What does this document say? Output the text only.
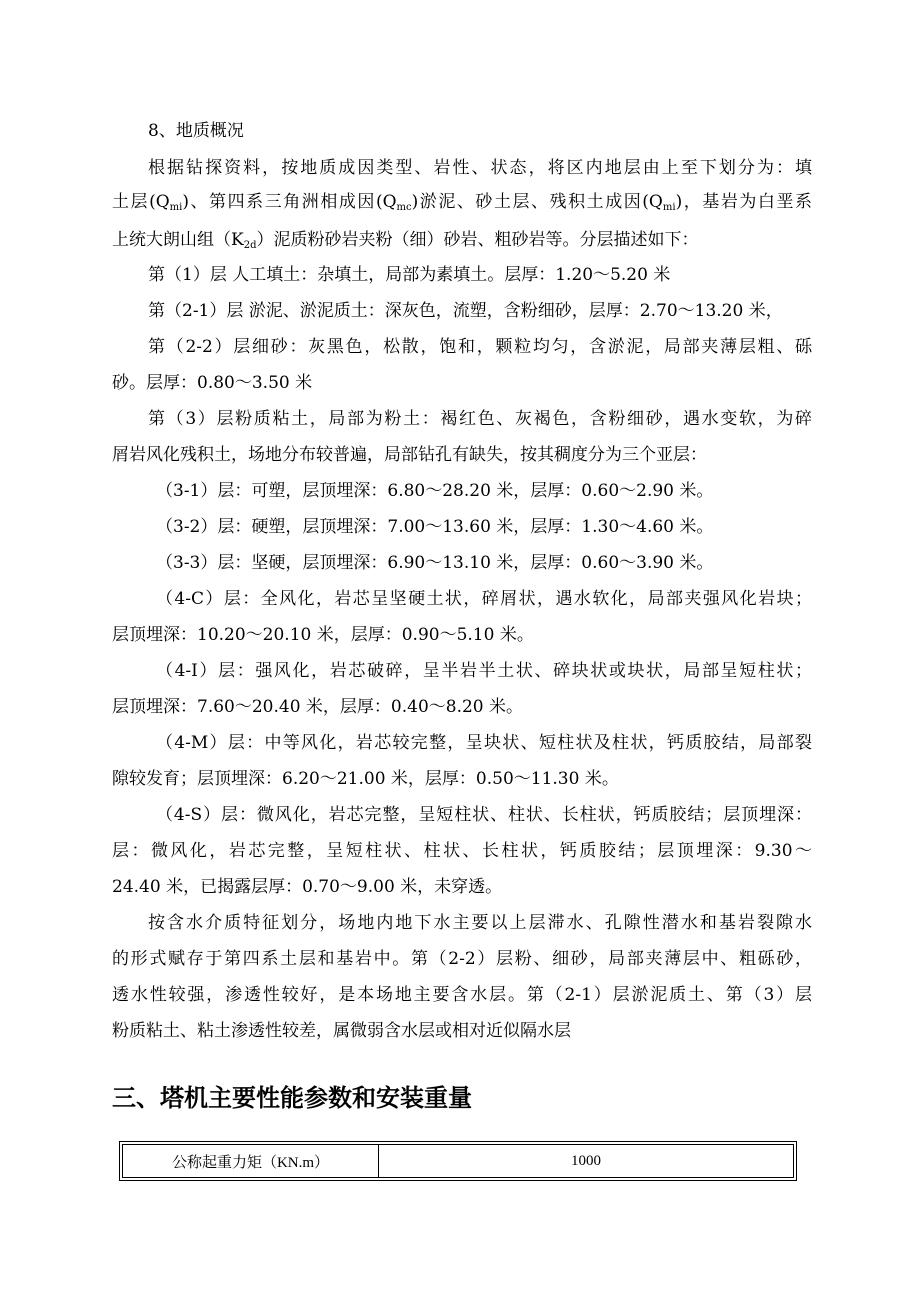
8、地质概况
根据钻探资料，按地质成因类型、岩性、状态，将区内地层由上至下划分为：填
土层$(Q_{mi})$、第四系三角洲相成因$(Q_{mc})$淤泥、砂土层、残积土成因$(Q_{mi})$，基岩为白垩系
上统大朗山组$(K_{2d})$泥质粉砂岩夹粉（细）砂岩、粗砂岩等。分层描述如下：
第（1）层 人工填土：杂填土，局部为素填土。层厚：1.20～5.20 米
第（2-1）层 淤泥、淤泥质土：深灰色，流塑，含粉细砂，层厚：2.70～13.20 米，
第（2-2）层细砂：灰黑色，松散，饱和，颗粒均匀，含淤泥，局部夹薄层粗、砾
砂。层厚：0.80～3.50 米
第（3）层粉质粘土，局部为粉土：褐红色、灰褐色，含粉细砂，遇水变软，为碎
屑岩风化残积土，场地分布较普遍，局部钻孔有缺失，按其稠度分为三个亚层：
（3-1）层：可塑，层顶埋深：6.80～28.20 米，层厚：0.60～2.90 米。
（3-2）层：硬塑，层顶埋深：7.00～13.60 米，层厚：1.30～4.60 米。
（3-3）层：坚硬，层顶埋深：6.90～13.10 米，层厚：0.60～3.90 米。
（4-C）层：全风化，岩芯呈坚硬土状，碎屑状，遇水软化，局部夹强风化岩块；
层顶埋深：10.20～20.10 米，层厚：0.90～5.10 米。
（4-I）层：强风化，岩芯破碎，呈半岩半土状、碎块状或块状，局部呈短柱状；
层顶埋深：7.60～20.40 米，层厚：0.40～8.20 米。
（4-M）层：中等风化，岩芯较完整，呈块状、短柱状及柱状，钙质胶结，局部裂
隙较发育；层顶埋深：6.20～21.00 米，层厚：0.50～11.30 米。
（4-S）层：微风化，岩芯完整，呈短柱状、柱状、长柱状，钙质胶结；层顶埋深：
层：微风化，岩芯完整，呈短柱状、柱状、长柱状，钙质胶结；层顶埋深：9.30～
24.40 米，已揭露层厚：0.70～9.00 米，未穿透。
按含水介质特征划分，场地内地下水主要以上层滞水、孔隙性潜水和基岩裂隙水
的形式赋存于第四系土层和基岩中。第（2-2）层粉、细砂，局部夹薄层中、粗砾砂，
透水性较强，渗透性较好，是本场地主要含水层。第（2-1）层淤泥质土、第（3）层
粉质粘土、粘土渗透性较差，属微弱含水层或相对近似隔水层
三、塔机主要性能参数和安装重量
公称起重力矩（KN.m）	1000
